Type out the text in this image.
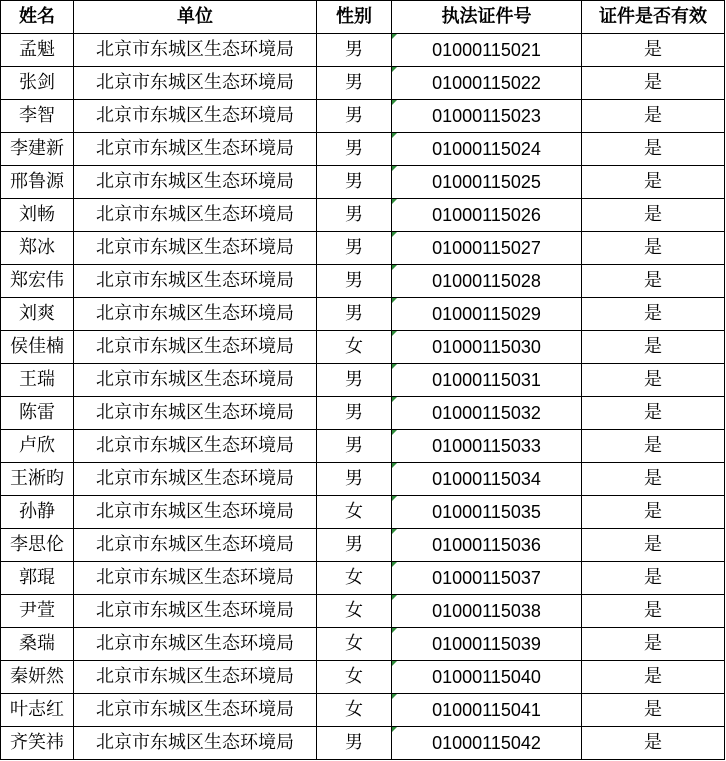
姓名	单位	性别	执法证件号	证件是否有效
孟魁	北京市东城区生态环境局	男	01000115021	是
张剑	北京市东城区生态环境局	男	01000115022	是
李智	北京市东城区生态环境局	男	01000115023	是
李建新	北京市东城区生态环境局	男	01000115024	是
邢鲁源	北京市东城区生态环境局	男	01000115025	是
刘畅	北京市东城区生态环境局	男	01000115026	是
郑冰	北京市东城区生态环境局	男	01000115027	是
郑宏伟	北京市东城区生态环境局	男	01000115028	是
刘爽	北京市东城区生态环境局	男	01000115029	是
侯佳楠	北京市东城区生态环境局	女	01000115030	是
王瑞	北京市东城区生态环境局	男	01000115031	是
陈雷	北京市东城区生态环境局	男	01000115032	是
卢欣	北京市东城区生态环境局	男	01000115033	是
王淅昀	北京市东城区生态环境局	男	01000115034	是
孙静	北京市东城区生态环境局	女	01000115035	是
李思伦	北京市东城区生态环境局	男	01000115036	是
郭琨	北京市东城区生态环境局	女	01000115037	是
尹萱	北京市东城区生态环境局	女	01000115038	是
桑瑞	北京市东城区生态环境局	女	01000115039	是
秦妍然	北京市东城区生态环境局	女	01000115040	是
叶志红	北京市东城区生态环境局	女	01000115041	是
齐笑祎	北京市东城区生态环境局	男	01000115042	是
